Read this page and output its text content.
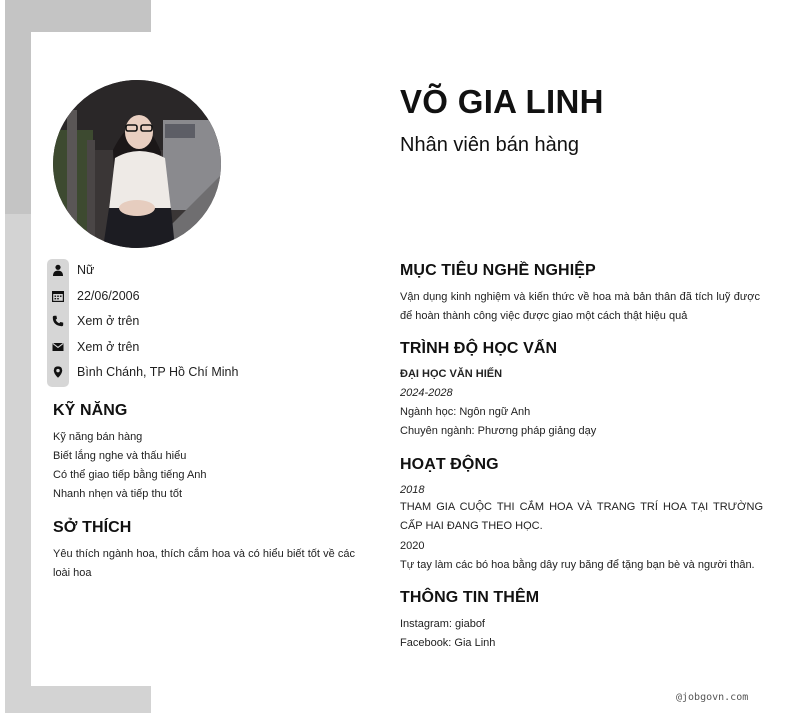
VÕ GIA LINH
Nhân viên bán hàng
Nữ
22/06/2006
Xem ở trên
Xem ở trên
Bình Chánh, TP Hồ Chí Minh
KỸ NĂNG
Kỹ năng bán hàng
Biết lắng nghe và thấu hiểu
Có thể giao tiếp bằng tiếng Anh
Nhanh nhẹn và tiếp thu tốt
SỞ THÍCH
Yêu thích ngành hoa, thích cắm hoa và có hiểu biết tốt về các loài hoa
MỤC TIÊU NGHỀ NGHIỆP
Vận dụng kinh nghiệm và kiến thức về hoa mà bản thân đã tích luỹ được để hoàn thành công việc được giao một cách thật hiệu quả
TRÌNH ĐỘ HỌC VẤN
ĐẠI HỌC VĂN HIẾN
2024-2028
Ngành học: Ngôn ngữ Anh
Chuyên ngành: Phương pháp giảng dạy
HOẠT ĐỘNG
2018
THAM GIA CUỘC THI CẮM HOA VÀ TRANG TRÍ HOA TẠI TRƯỜNG CẤP HAI ĐANG THEO HỌC.
2020
Tự tay làm các bó hoa bằng dây ruy băng để tặng bạn bè và người thân.
THÔNG TIN THÊM
Instagram: giabof
Facebook: Gia Linh
@jobgovn.com
